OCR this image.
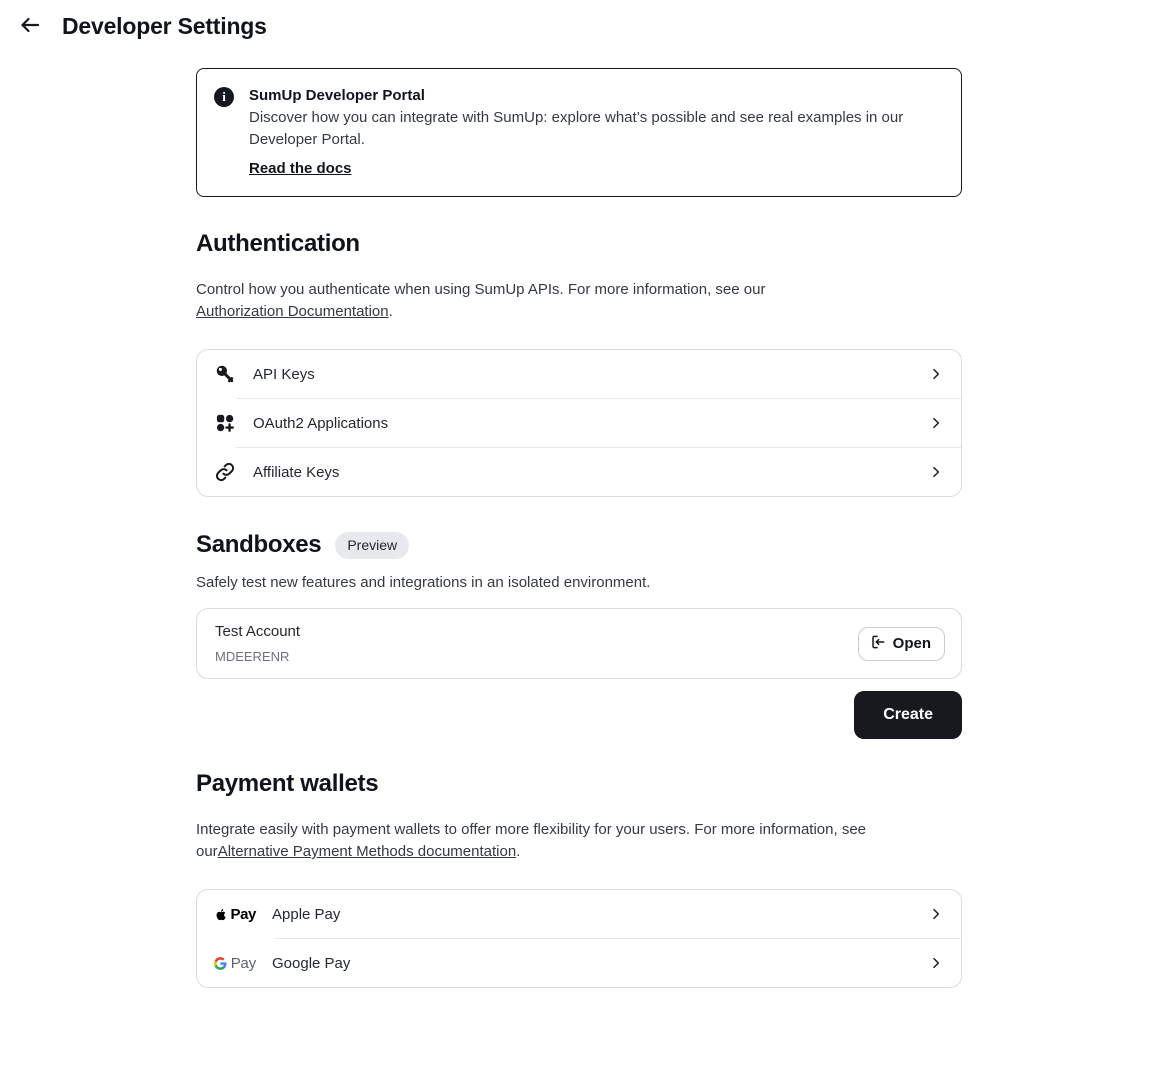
Developer Settings
i	SumUp Developer Portal

Discover how you can integrate with SumUp: explore what’s possible and see real examples in our Developer Portal.

Read the docs
Authentication

Control how you authenticate when using SumUp APIs. For more information, see our Authorization Documentation.

API Keys
OAuth2 Applications
Affiliate Keys
Sandboxes	Preview

Safely test new features and integrations in an isolated environment.

Test Account
MDEERENR
Open
Create
Payment wallets

Integrate easily with payment wallets to offer more flexibility for your users. For more information, see ourAlternative Payment Methods documentation.

Pay Apple Pay
Pay Google Pay
